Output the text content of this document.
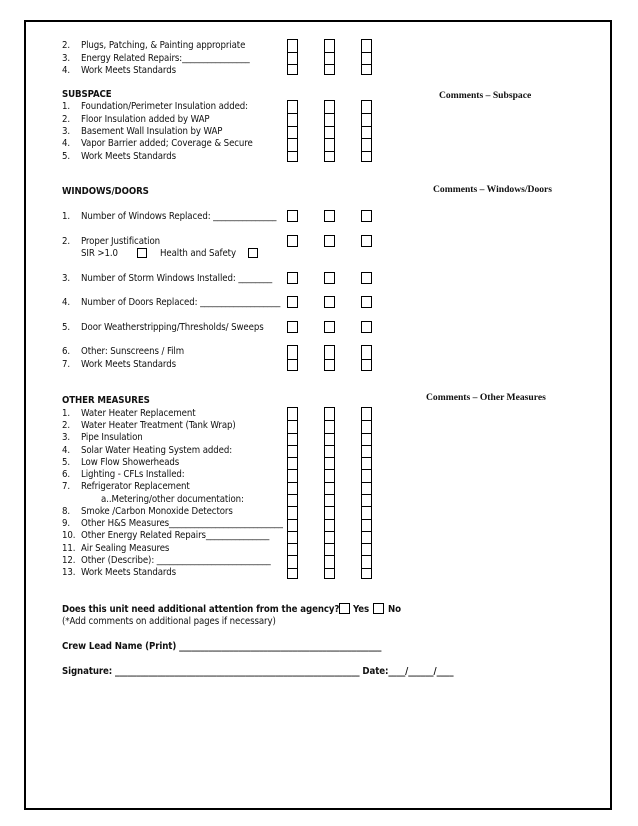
2. Plugs, Patching, & Painting appropriate
3. Energy Related Repairs:________________
4. Work Meets Standards
SUBSPACE	Comments – Subspace
1. Foundation/Perimeter Insulation added:
2. Floor Insulation added by WAP
3. Basement Wall Insulation by WAP
4. Vapor Barrier added; Coverage & Secure
5. Work Meets Standards
WINDOWS/DOORS	Comments – Windows/Doors
1. Number of Windows Replaced: _______________
2. Proper Justification
SIR >1.0	Health and Safety
3. Number of Storm Windows Installed: ________
4. Number of Doors Replaced: ___________________
5. Door Weatherstripping/Thresholds/ Sweeps
6. Other: Sunscreens / Film
7. Work Meets Standards
OTHER MEASURES	Comments – Other Measures
1. Water Heater Replacement
2. Water Heater Treatment (Tank Wrap)
3. Pipe Insulation
4. Solar Water Heating System added:
5. Low Flow Showerheads
6. Lighting - CFLs Installed:
7. Refrigerator Replacement
a..Metering/other documentation:
8. Smoke /Carbon Monoxide Detectors
9. Other H&S Measures___________________________
10. Other Energy Related Repairs_______________
11. Air Sealing Measures
12. Other (Describe): ___________________________
13. Work Meets Standards
Does this unit need additional attention from the agency? Yes No
(*Add comments on additional pages if necessary)
Crew Lead Name (Print) ________________________________________________
Signature: __________________________________________________________ Date:____/______/____
